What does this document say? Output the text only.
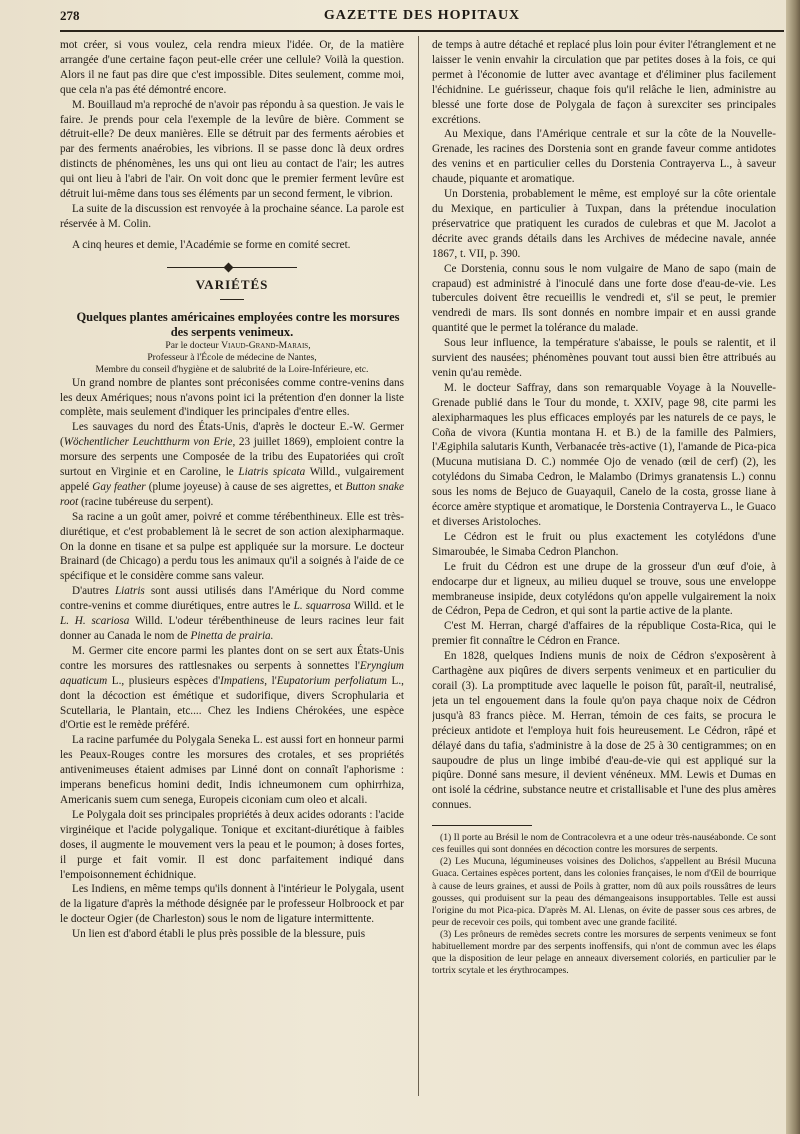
278	GAZETTE DES HOPITAUX

mot créer, si vous voulez, cela rendra mieux l'idée. Or, de la matière arrangée d'une certaine façon peut-elle créer une cellule? Voilà la question. Alors il ne faut pas dire que c'est impossible. Dites seulement, comme moi, que cela n'a pas été démontré encore.

M. Bouillaud m'a reproché de n'avoir pas répondu à sa question. Je vais le faire. Je prends pour cela l'exemple de la levûre de bière. Comment se détruit-elle? De deux manières. Elle se détruit par des ferments aérobies et par des ferments anaérobies, les vibrions. Il se passe donc là deux ordres distincts de phénomènes, les uns qui ont lieu au contact de l'air; les autres qui ont lieu à l'abri de l'air. On voit donc que le premier ferment levûre est détruit lui-même dans tous ses éléments par un second ferment, le vibrion.

La suite de la discussion est renvoyée à la prochaine séance. La parole est réservée à M. Colin.

A cinq heures et demie, l'Académie se forme en comité secret.

VARIÉTÉS

Quelques plantes américaines employées contre les morsures des serpents venimeux.

Par le docteur Viaud-Grand-Marais,
Professeur à l'École de médecine de Nantes,
Membre du conseil d'hygiène et de salubrité de la Loire-Inférieure, etc.

Un grand nombre de plantes sont préconisées comme contre-venins dans les deux Amériques; nous n'avons point ici la prétention d'en donner la liste complète, mais seulement d'indiquer les principales d'entre elles.

Les sauvages du nord des États-Unis, d'après le docteur E.-W. Germer (Wöchentlicher Leuchtthurm von Erie, 23 juillet 1869), emploient contre la morsure des serpents une Composée de la tribu des Eupatoriées qui croît surtout en Virginie et en Caroline, le Liatris spicata Willd., vulgairement appelé Gay feather (plume joyeuse) à cause de ses aigrettes, et Button snake root (racine tubéreuse du serpent).

Sa racine a un goût amer, poivré et comme térébenthineux. Elle est très-diurétique, et c'est probablement là le secret de son action alexipharmaque. On la donne en tisane et sa pulpe est appliquée sur la morsure. Le docteur Brainard (de Chicago) a perdu tous les animaux qu'il a soignés à l'aide de ce spécifique et le considère comme sans valeur.

D'autres Liatris sont aussi utilisés dans l'Amérique du Nord comme contre-venins et comme diurétiques, entre autres le L. squarrosa Willd. et le L. H. scariosa Willd. L'odeur térébenthineuse de leurs racines leur fait donner au Canada le nom de Pinetta de prairia.

M. Germer cite encore parmi les plantes dont on se sert aux États-Unis contre les morsures des rattlesnakes ou serpents à sonnettes l'Eryngium aquaticum L., plusieurs espèces d'Impatiens, l'Eupatorium perfoliatum L., dont la décoction est émétique et sudorifique, divers Scrophularia et Scutellaria, le Plantain, etc.... Chez les Indiens Chérokées, une espèce d'Ortie est le remède préféré.

La racine parfumée du Polygala Seneka L. est aussi fort en honneur parmi les Peaux-Rouges contre les morsures des crotales, et ses propriétés antivenimeuses étaient admises par Linné dont on connaît l'aphorisme : imperans beneficus homini dedit, Indis ichneumonem cum ophirrhiza, Americanis suem cum senega, Europeis ciconiam cum oleo et alcali.

Le Polygala doit ses principales propriétés à deux acides odorants : l'acide virginéique et l'acide polygalique. Tonique et excitant-diurétique à faibles doses, il augmente le mouvement vers la peau et le poumon; à doses fortes, il purge et fait vomir. Il est donc parfaitement indiqué dans l'empoisonnement échidnique.

Les Indiens, en même temps qu'ils donnent à l'intérieur le Polygala, usent de la ligature d'après la méthode désignée par le professeur Holbroock et par le docteur Ogier (de Charleston) sous le nom de ligature intermittente.

Un lien est d'abord établi le plus près possible de la blessure, puis

de temps à autre détaché et replacé plus loin pour éviter l'étranglement et ne laisser le venin envahir la circulation que par petites doses à la fois, ce qui permet à l'économie de lutter avec avantage et d'éliminer plus facilement l'échidnine. Le guérisseur, chaque fois qu'il relâche le lien, administre au blessé une forte dose de Polygala de façon à surexciter ses principales excrétions.

Au Mexique, dans l'Amérique centrale et sur la côte de la Nouvelle-Grenade, les racines des Dorstenia sont en grande faveur comme antidotes des venins et en particulier celles du Dorstenia Contrayerva L., à saveur chaude, piquante et aromatique.

Un Dorstenia, probablement le même, est employé sur la côte orientale du Mexique, en particulier à Tuxpan, dans la prétendue inoculation préservatrice que pratiquent les curados de culebras et que M. Jacolot a décrite avec grands détails dans les Archives de médecine navale, année 1867, t. VII, p. 390.

Ce Dorstenia, connu sous le nom vulgaire de Mano de sapo (main de crapaud) est administré à l'inoculé dans une forte dose d'eau-de-vie. Les tubercules doivent être recueillis le vendredi et, s'il se peut, le premier vendredi de mars. Ils sont donnés en nombre impair et en aussi grande quantité que le permet la tolérance du malade.

Sous leur influence, la température s'abaisse, le pouls se ralentit, et il survient des nausées; phénomènes pouvant tout aussi bien être attribués au venin qu'au remède.

M. le docteur Saffray, dans son remarquable Voyage à la Nouvelle-Grenade publié dans le Tour du monde, t. XXIV, page 98, cite parmi les alexipharmaques les plus efficaces employés par les naturels de ce pays, le Coña de vivora (Kuntia montana H. et B.) de la famille des Palmiers, l'Ægiphila salutaris Kunth, Verbanacée très-active (1), l'amande de Pica-pica (Mucuna mutisiana D. C.) nommée Ojo de venado (œil de cerf) (2), les cotylédons du Simaba Cedron, le Malambo (Drimys granatensis L.) connu sous les noms de Bejuco de Guayaquil, Canelo de la costa, grosse liane à écorce amère styptique et aromatique, le Dorstenia Contrayerva L., le Guaco et diverses Aristoloches.

Le Cédron est le fruit ou plus exactement les cotylédons d'une Simaroubée, le Simaba Cedron Planchon.

Le fruit du Cédron est une drupe de la grosseur d'un œuf d'oie, à endocarpe dur et ligneux, au milieu duquel se trouve, sous une enveloppe membraneuse insipide, deux cotylédons qu'on appelle vulgairement la noix de Cédron, Pepa de Cedron, et qui sont la partie active de la plante.

C'est M. Herran, chargé d'affaires de la république Costa-Rica, qui le premier fit connaître le Cédron en France.

En 1828, quelques Indiens munis de noix de Cédron s'exposèrent à Carthagène aux piqûres de divers serpents venimeux et en particulier du corail (3). La promptitude avec laquelle le poison fût, paraît-il, neutralisé, jeta un tel engouement dans la foule qu'on paya chaque noix de Cédron jusqu'à 83 francs pièce. M. Herran, témoin de ces faits, se procura le précieux antidote et l'employa huit fois heureusement. Le Cédron, râpé et délayé dans du tafia, s'administre à la dose de 25 à 30 centigrammes; on en saupoudre de plus un linge imbibé d'eau-de-vie qui est appliqué sur la piqûre. Donné sans mesure, il devient vénéneux. MM. Lewis et Dumas en ont isolé la cédrine, substance neutre et cristallisable et l'une des plus amères connues.

(1) Il porte au Brésil le nom de Contracolevra et a une odeur très-nauséabonde. Ce sont ces feuilles qui sont données en décoction contre les morsures de serpents.

(2) Les Mucuna, légumineuses voisines des Dolichos, s'appellent au Brésil Mucuna Guaca. Certaines espèces portent, dans les colonies françaises, le nom d'Œil de bourrique à cause de leurs graines, et aussi de Poils à gratter, nom dû aux poils roussâtres de leurs gousses, qui produisent sur la peau des démangeaisons insupportables. Telle est aussi l'origine du mot Pica-pica. D'après M. Al. Llenas, on évite de passer sous ces arbres, de peur de recevoir ces poils, qui tombent avec une grande facilité.

(3) Les prôneurs de remèdes secrets contre les morsures de serpents venimeux se font habituellement mordre par des serpents inoffensifs, qui n'ont de commun avec les élaps que la disposition de leur pelage en anneaux diversement coloriés, en particulier par le tortrix scytale et les érythrocampes.
